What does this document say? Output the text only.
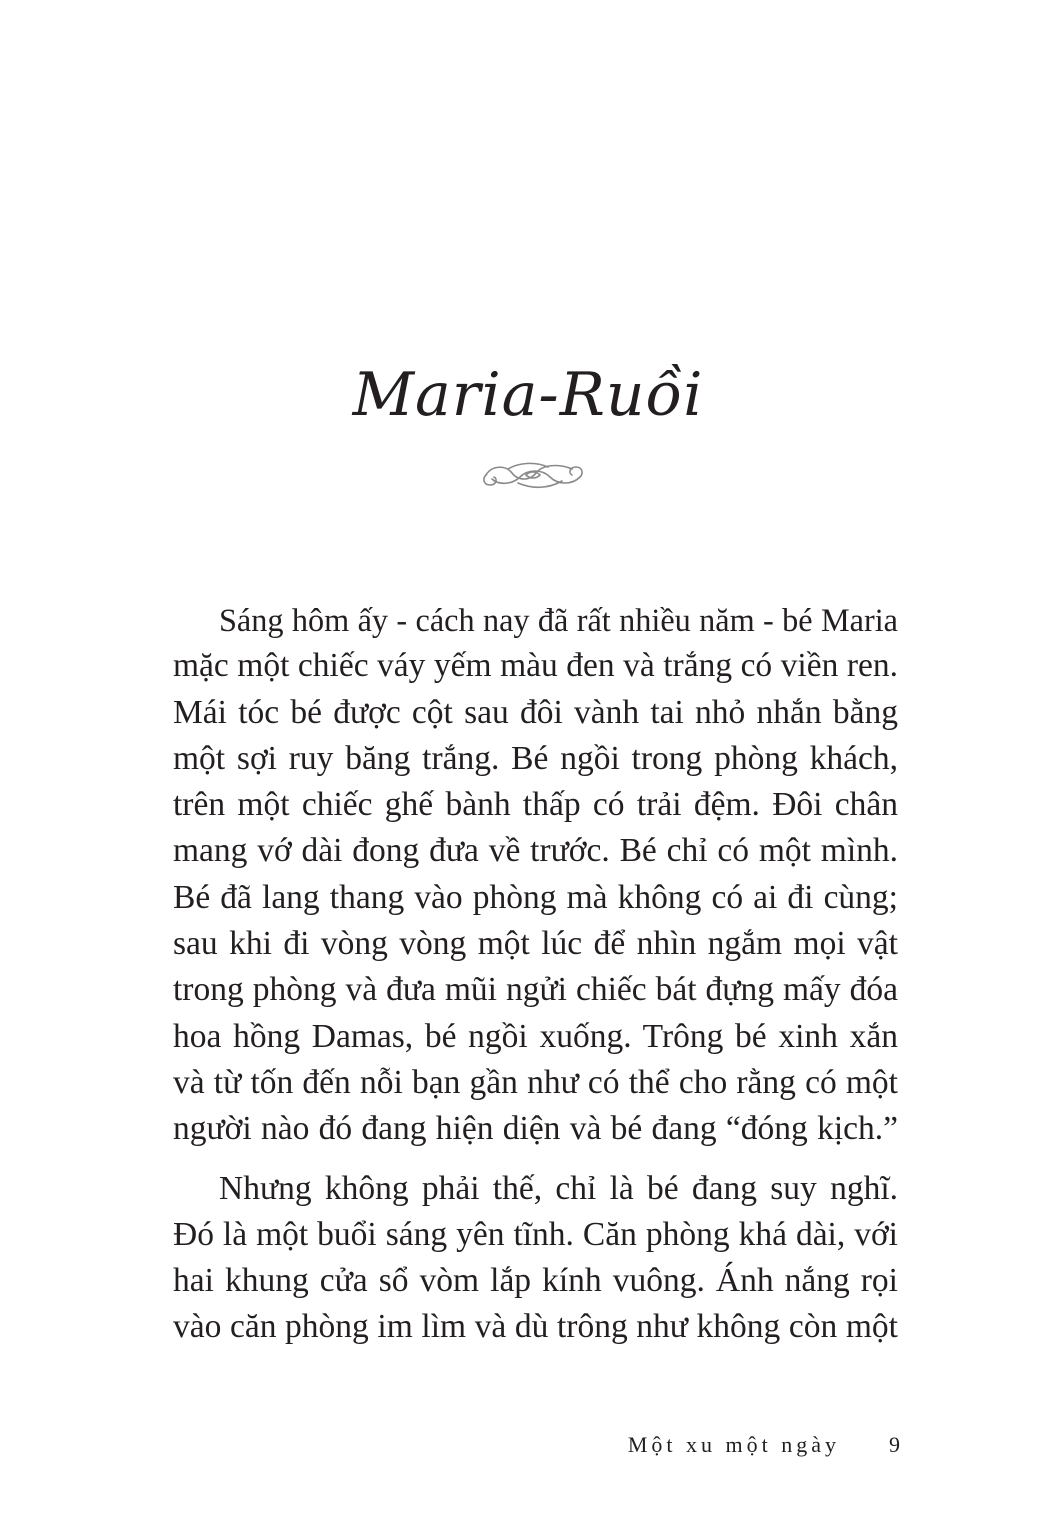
Maria-Ruồi

Sáng hôm ấy - cách nay đã rất nhiều năm - bé Maria
mặc một chiếc váy yếm màu đen và trắng có viền ren.
Mái tóc bé được cột sau đôi vành tai nhỏ nhắn bằng
một sợi ruy băng trắng. Bé ngồi trong phòng khách,
trên một chiếc ghế bành thấp có trải đệm. Đôi chân
mang vớ dài đong đưa về trước. Bé chỉ có một mình.
Bé đã lang thang vào phòng mà không có ai đi cùng;
sau khi đi vòng vòng một lúc để nhìn ngắm mọi vật
trong phòng và đưa mũi ngửi chiếc bát đựng mấy đóa
hoa hồng Damas, bé ngồi xuống. Trông bé xinh xắn
và từ tốn đến nỗi bạn gần như có thể cho rằng có một
người nào đó đang hiện diện và bé đang “đóng kịch.”

Nhưng không phải thế, chỉ là bé đang suy nghĩ.
Đó là một buổi sáng yên tĩnh. Căn phòng khá dài, với
hai khung cửa sổ vòm lắp kính vuông. Ánh nắng rọi
vào căn phòng im lìm và dù trông như không còn một

Một xu một ngày 9
